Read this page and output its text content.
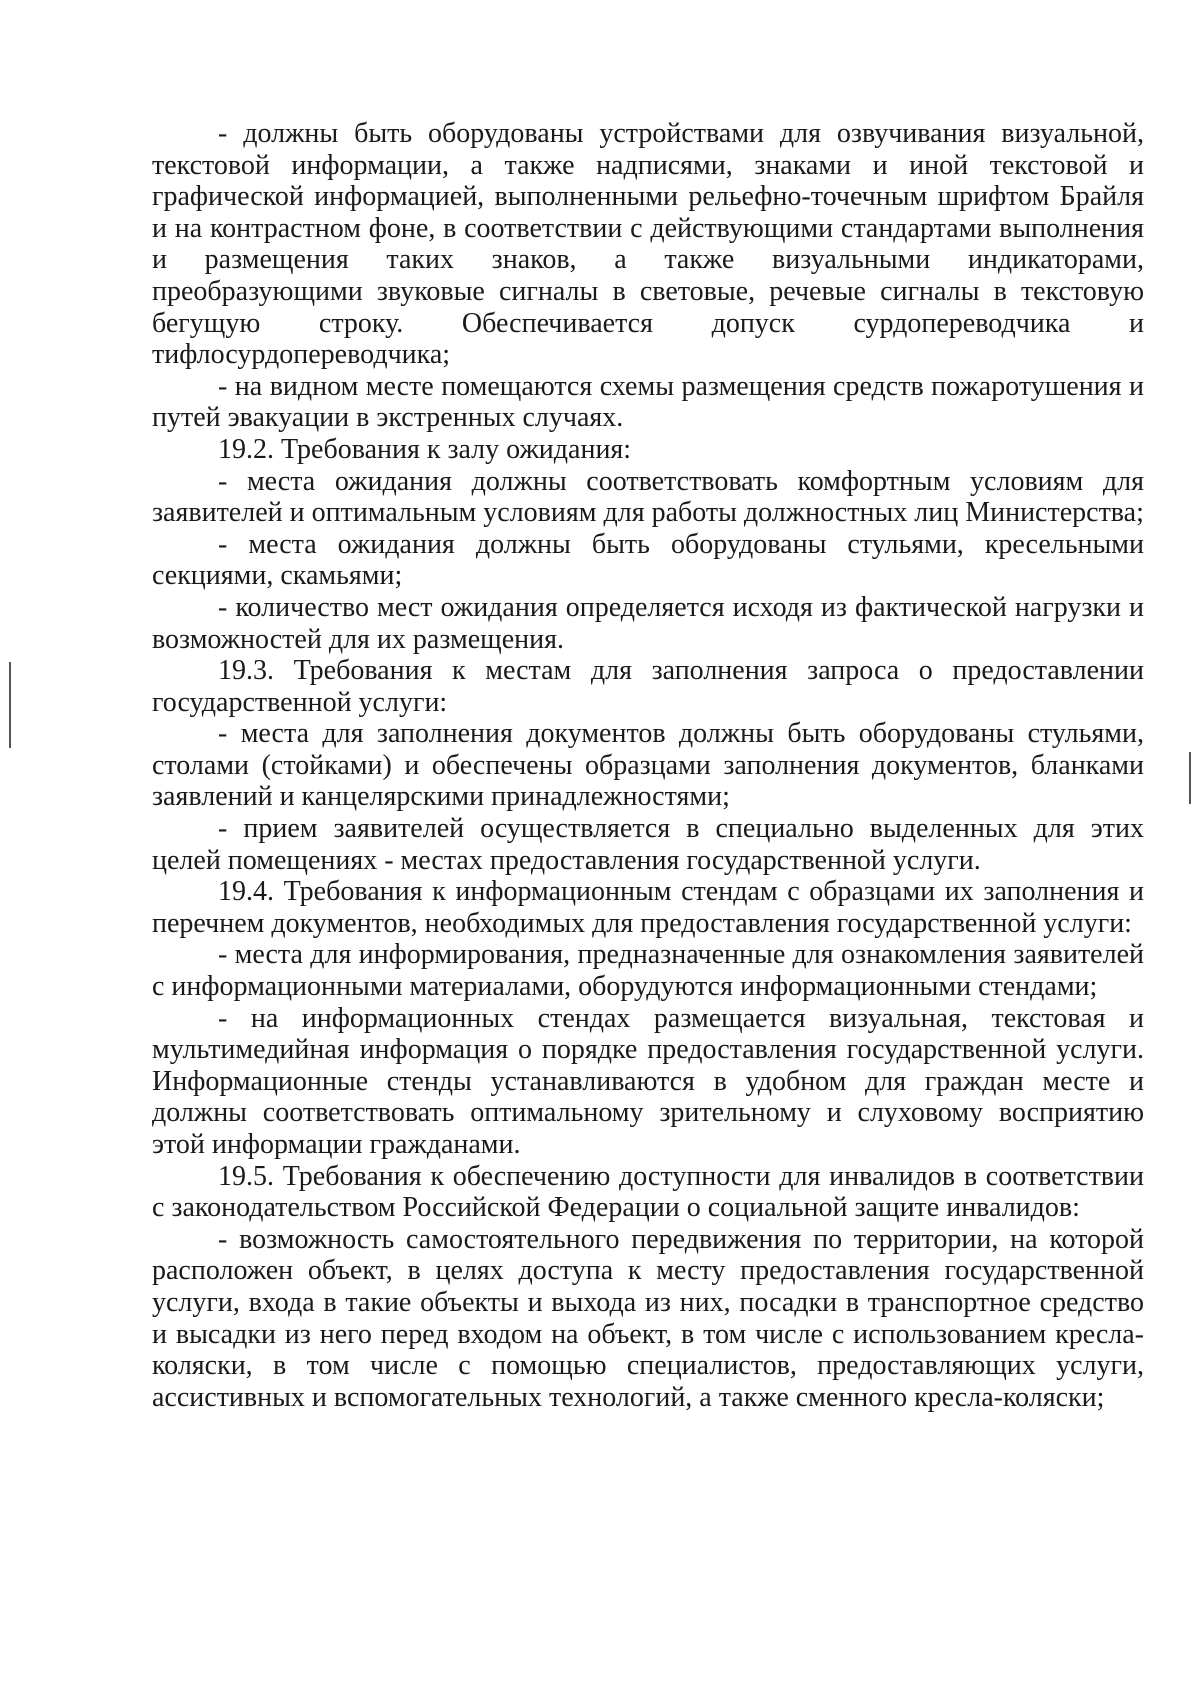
- должны быть оборудованы устройствами для озвучивания визуальной, текстовой информации, а также надписями, знаками и иной текстовой и графической информацией, выполненными рельефно-точечным шрифтом Брайля и на контрастном фоне, в соответствии с действующими стандартами выполнения и размещения таких знаков, а также визуальными индикаторами, преобразующими звуковые сигналы в световые, речевые сигналы в текстовую бегущую строку. Обеспечивается допуск сурдопереводчика и тифлосурдопереводчика;

- на видном месте помещаются схемы размещения средств пожаротушения и путей эвакуации в экстренных случаях.

19.2. Требования к залу ожидания:

- места ожидания должны соответствовать комфортным условиям для заявителей и оптимальным условиям для работы должностных лиц Министерства;

- места ожидания должны быть оборудованы стульями, кресельными секциями, скамьями;

- количество мест ожидания определяется исходя из фактической нагрузки и возможностей для их размещения.

19.3. Требования к местам для заполнения запроса о предоставлении государственной услуги:

- места для заполнения документов должны быть оборудованы стульями, столами (стойками) и обеспечены образцами заполнения документов, бланками заявлений и канцелярскими принадлежностями;

- прием заявителей осуществляется в специально выделенных для этих целей помещениях - местах предоставления государственной услуги.

19.4. Требования к информационным стендам с образцами их заполнения и перечнем документов, необходимых для предоставления государственной услуги:

- места для информирования, предназначенные для ознакомления заявителей с информационными материалами, оборудуются информационными стендами;

- на информационных стендах размещается визуальная, текстовая и мультимедийная информация о порядке предоставления государственной услуги. Информационные стенды устанавливаются в удобном для граждан месте и должны соответствовать оптимальному зрительному и слуховому восприятию этой информации гражданами.

19.5. Требования к обеспечению доступности для инвалидов в соответствии с законодательством Российской Федерации о социальной защите инвалидов:

- возможность самостоятельного передвижения по территории, на которой расположен объект, в целях доступа к месту предоставления государственной услуги, входа в такие объекты и выхода из них, посадки в транспортное средство и высадки из него перед входом на объект, в том числе с использованием кресла-коляски, в том числе с помощью специалистов, предоставляющих услуги, ассистивных и вспомогательных технологий, а также сменного кресла-коляски;
